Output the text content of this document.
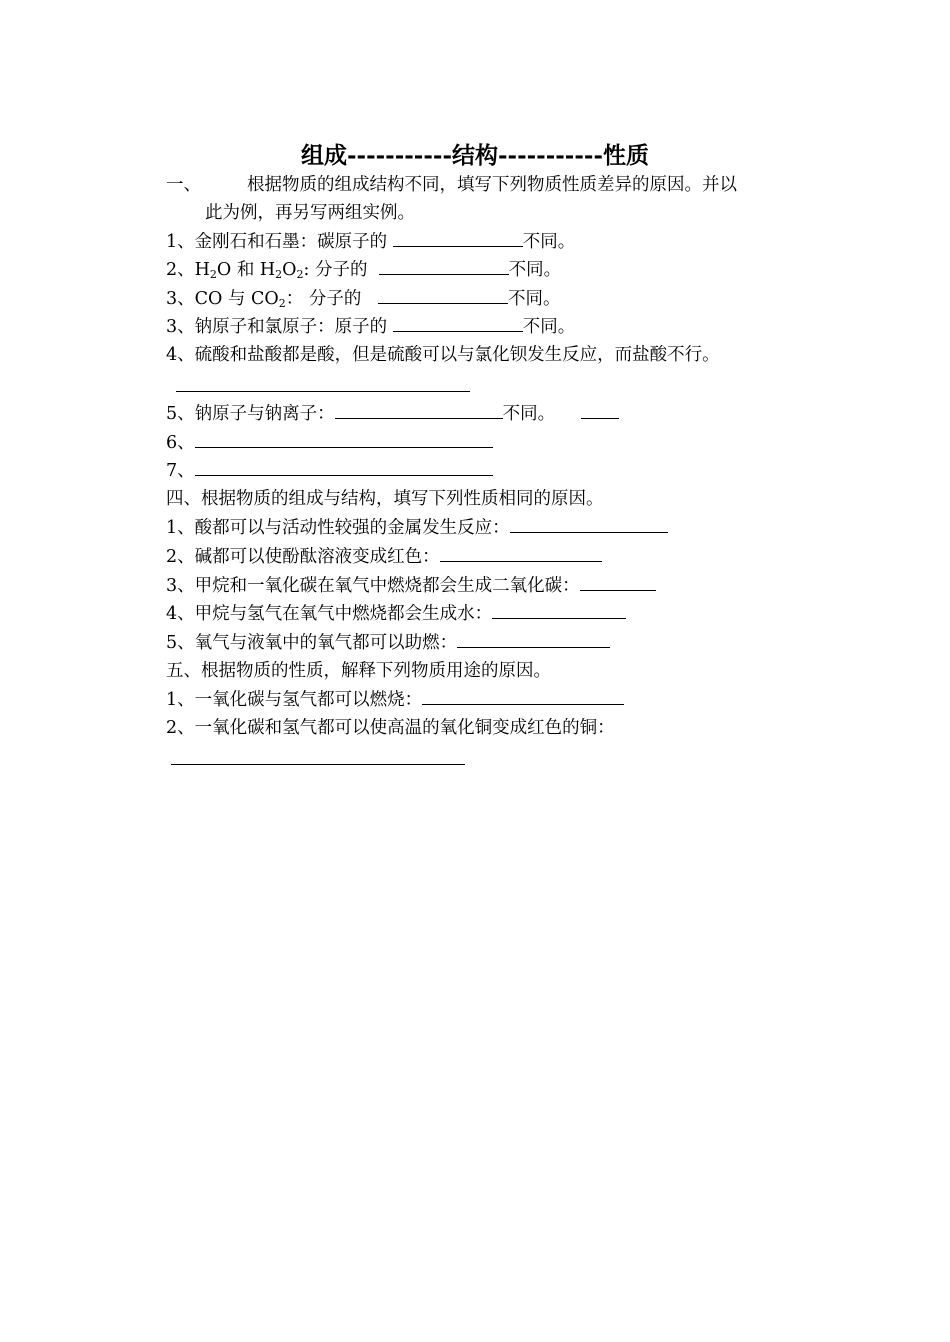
组成-----------结构-----------性质
一、	根据物质的组成结构不同，填写下列物质性质差异的原因。并以
此为例，再另写两组实例。
1、金刚石和石墨：碳原子的	不同。
2、$H_2O$ 和 $H_2O_2$: 分子的	不同。
3、CO 与 $CO_2$： 分子的	不同。
3、钠原子和氯原子：原子的	不同。
4、硫酸和盐酸都是酸，但是硫酸可以与氯化钡发生反应，而盐酸不行。
5、钠原子与钠离子：	不同。
6、
7、
四、根据物质的组成与结构，填写下列性质相同的原因。
1、酸都可以与活动性较强的金属发生反应：
2、碱都可以使酚酞溶液变成红色：
3、甲烷和一氧化碳在氧气中燃烧都会生成二氧化碳：
4、甲烷与氢气在氧气中燃烧都会生成水：
5、氧气与液氧中的氧气都可以助燃：
五、根据物质的性质，解释下列物质用途的原因。
1、一氧化碳与氢气都可以燃烧：
2、一氧化碳和氢气都可以使高温的氧化铜变成红色的铜：
